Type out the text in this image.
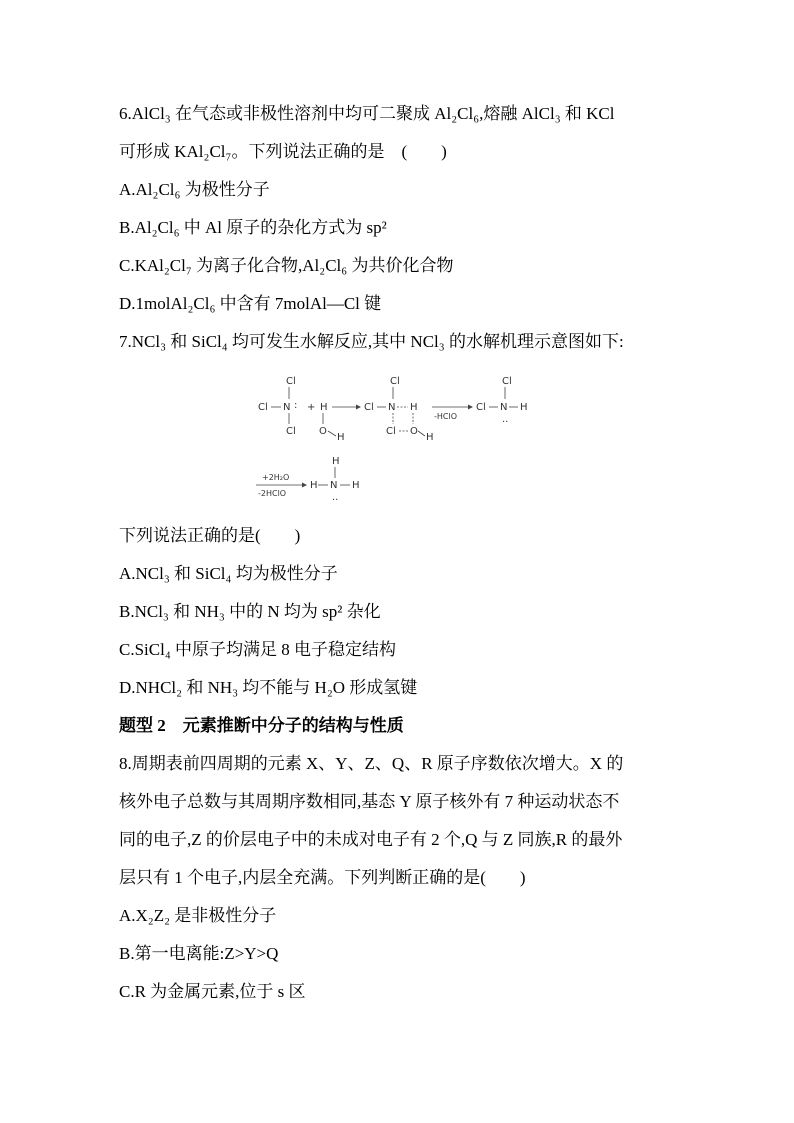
6.AlCl₃ 在气态或非极性溶剂中均可二聚成 Al₂Cl₆,熔融 AlCl₃ 和 KCl
可形成 KAl₂Cl₇。下列说法正确的是　(　　)
A.Al₂Cl₆ 为极性分子
B.Al₂Cl₆ 中 Al 原子的杂化方式为 sp²
C.KAl₂Cl₇ 为离子化合物,Al₂Cl₆ 为共价化合物
D.1molAl₂Cl₆ 中含有 7molAl—Cl 键
7.NCl₃ 和 SiCl₄ 均可发生水解反应,其中 NCl₃ 的水解机理示意图如下:
Cl
Cl N
Cl
: + H
O
H
Cl
Cl N H
Cl O
H
-HClO
Cl
Cl N H
..
+2H₂O
-2HClO
H
H N H
..
下列说法正确的是(　　)
A.NCl₃ 和 SiCl₄ 均为极性分子
B.NCl₃ 和 NH₃ 中的 N 均为 sp² 杂化
C.SiCl₄ 中原子均满足 8 电子稳定结构
D.NHCl₂ 和 NH₃ 均不能与 H₂O 形成氢键
题型 2　元素推断中分子的结构与性质
8.周期表前四周期的元素 X、Y、Z、Q、R 原子序数依次增大。X 的
核外电子总数与其周期序数相同,基态 Y 原子核外有 7 种运动状态不
同的电子,Z 的价层电子中的未成对电子有 2 个,Q 与 Z 同族,R 的最外
层只有 1 个电子,内层全充满。下列判断正确的是(　　)
A.X₂Z₂ 是非极性分子
B.第一电离能:Z>Y>Q
C.R 为金属元素,位于 s 区
